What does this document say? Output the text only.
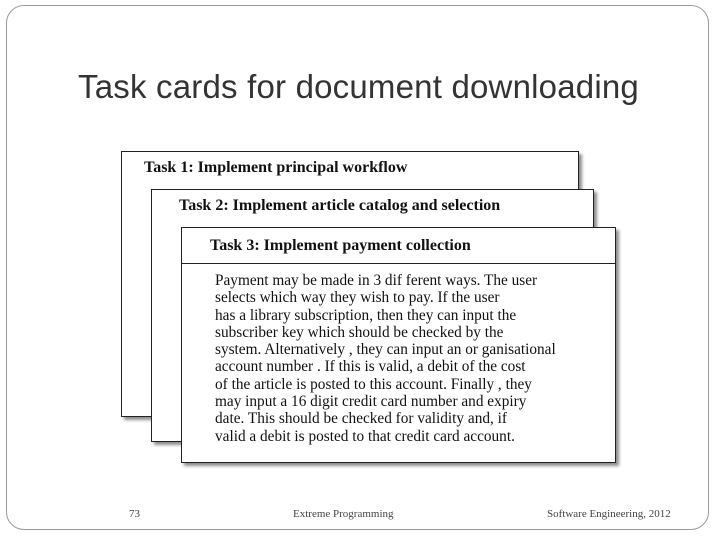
Task cards for document downloading
Task 1: Implement principal workflow
Task 2: Implement article catalog and selection
Task 3: Implement payment collection
Payment may be made in 3 dif ferent ways. The user
selects which way they wish to pay. If the user
has a library subscription, then they can input the
subscriber key which should be checked by the
system. Alternatively , they can input an or ganisational
account number . If this is valid, a debit of the cost
of the article is posted to this account. Finally , they
may input a 16 digit credit card number and expiry
date. This should be checked for validity and, if
valid a debit is posted to that credit card account.
73	Extreme Programming	Software Engineering, 2012
